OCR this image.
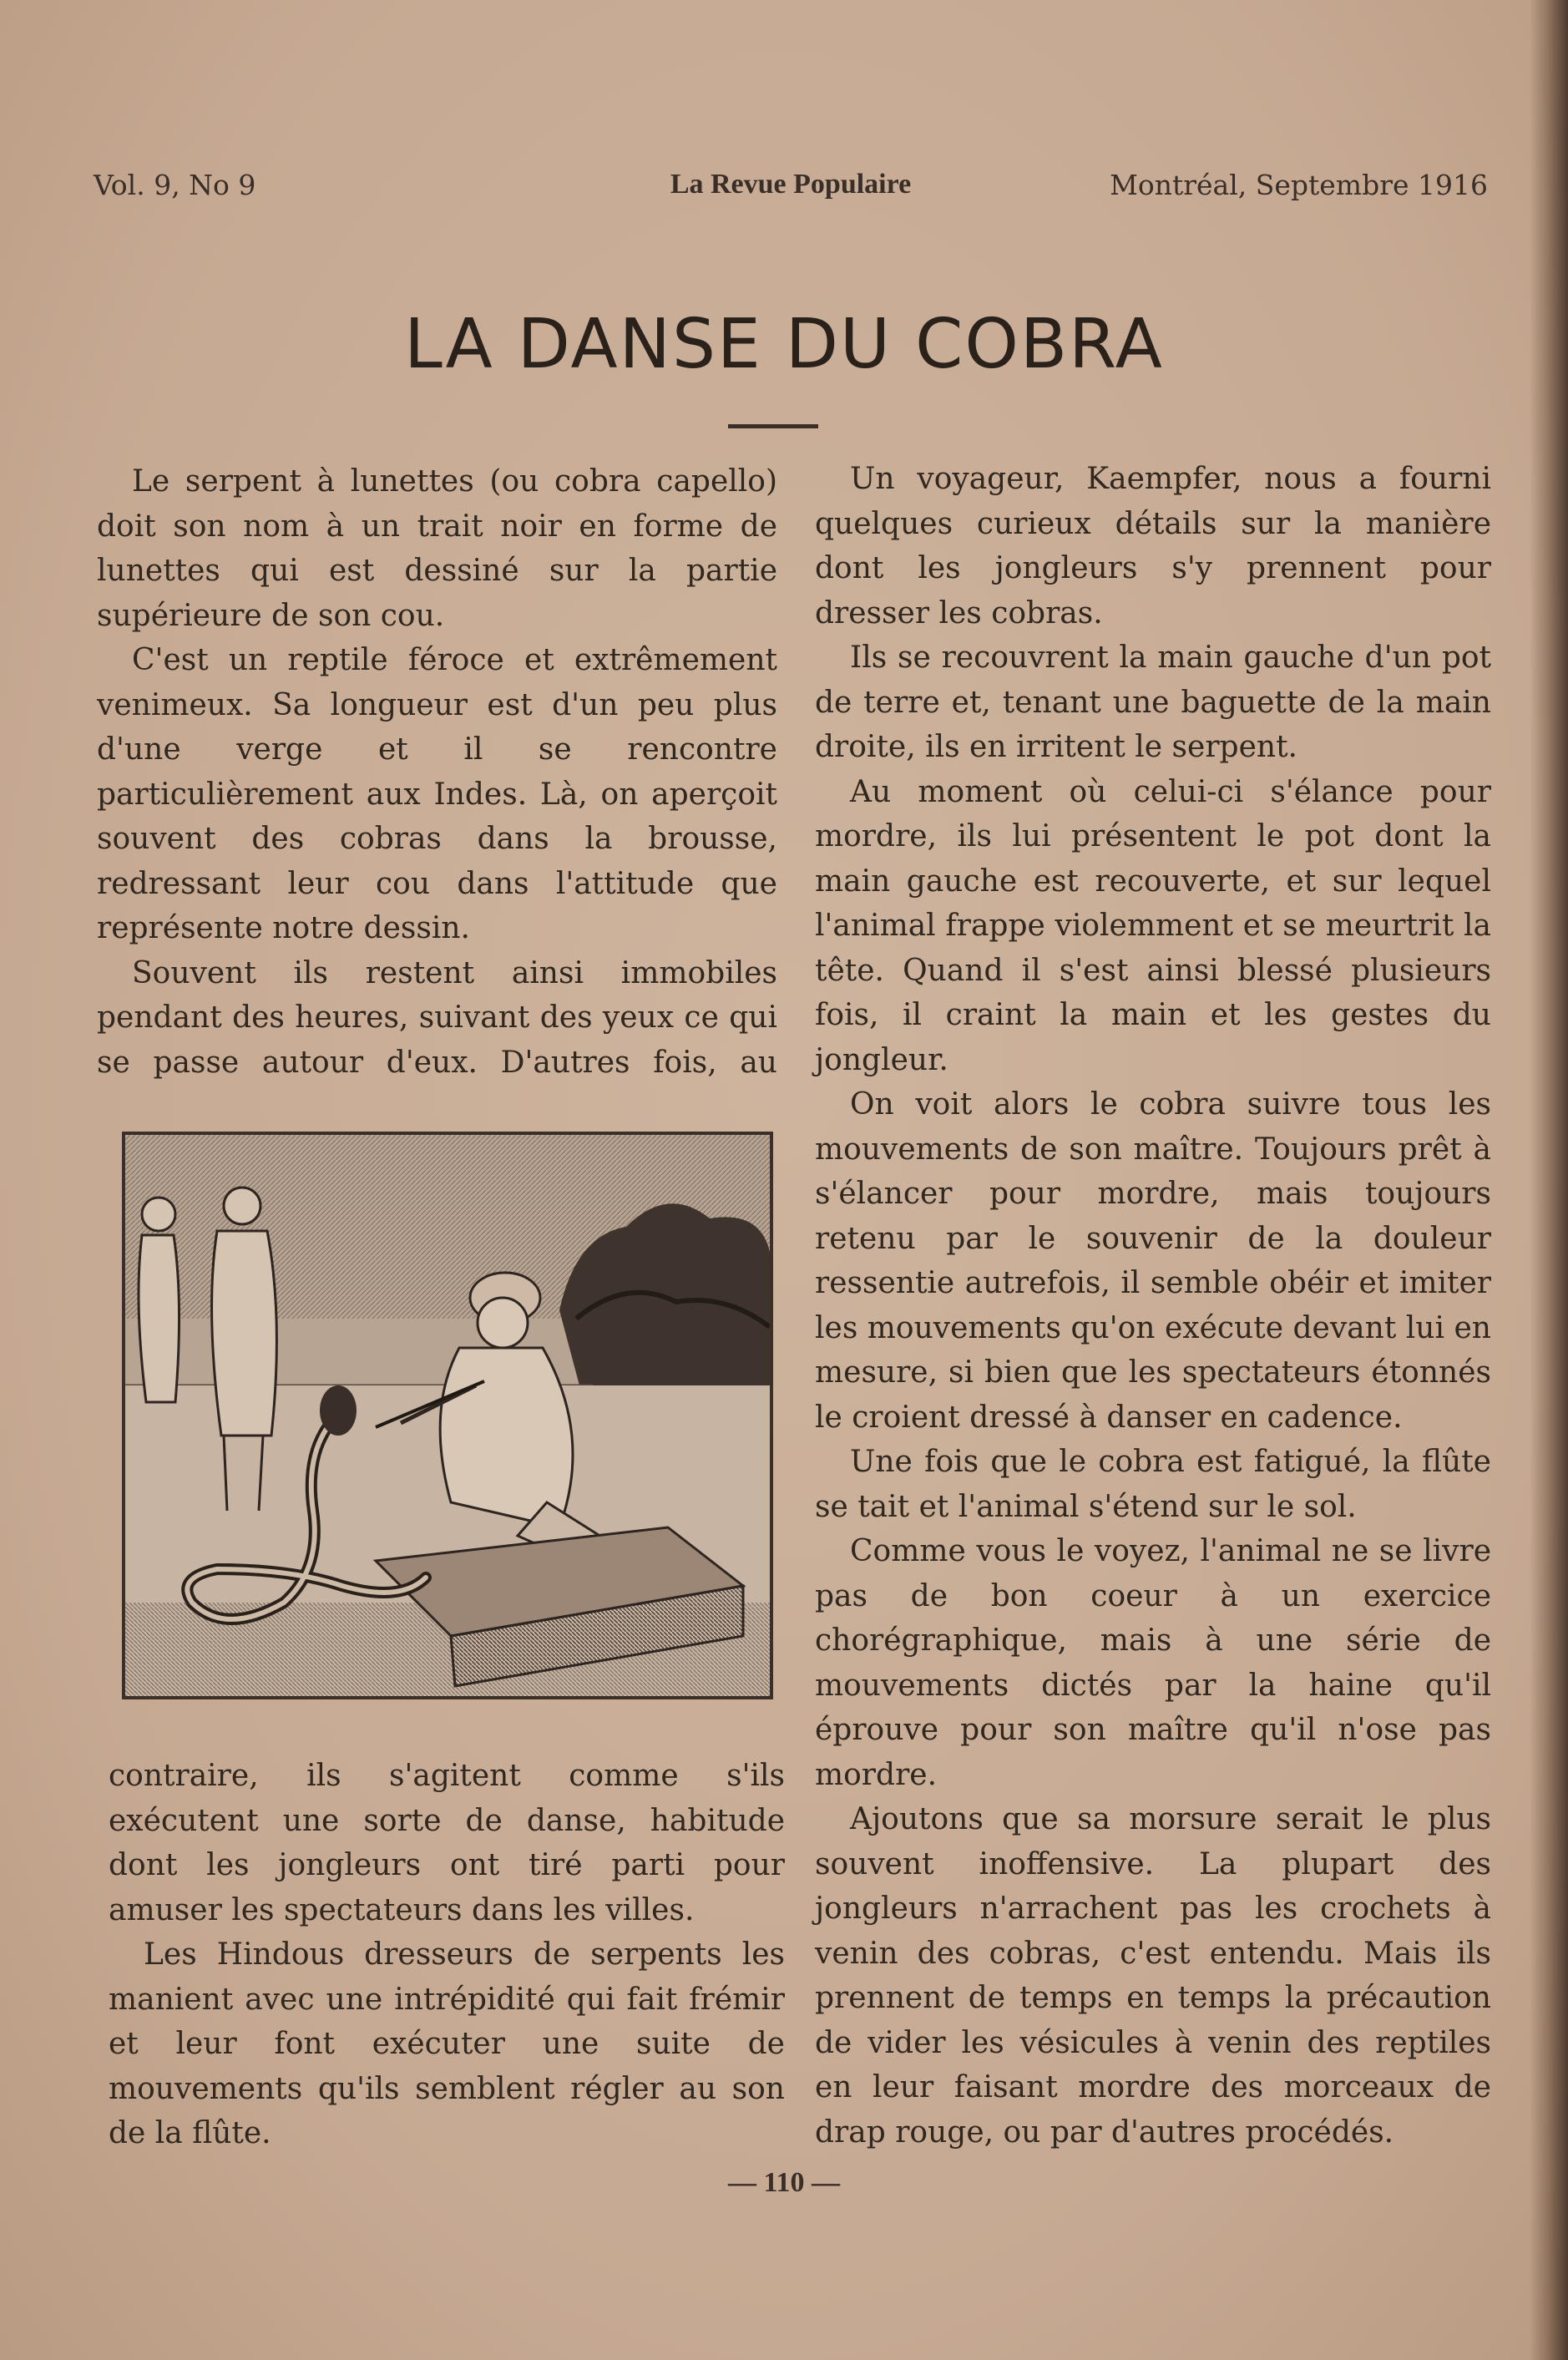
Vol. 9, No 9	La Revue Populaire	Montréal, Septembre 1916
LA DANSE DU COBRA

Le serpent à lunettes (ou cobra capello) doit son nom à un trait noir en forme de lunettes qui est dessiné sur la partie supérieure de son cou.

C'est un reptile féroce et extrêmement venimeux. Sa longueur est d'un peu plus d'une verge et il se rencontre particulièrement aux Indes. Là, on aperçoit souvent des cobras dans la brousse, redressant leur cou dans l'attitude que représente notre dessin.

Souvent ils restent ainsi immobiles pendant des heures, suivant des yeux ce qui se passe autour d'eux. D'autres fois, au

contraire, ils s'agitent comme s'ils exécutent une sorte de danse, habitude dont les jongleurs ont tiré parti pour amuser les spectateurs dans les villes.

Les Hindous dresseurs de serpents les manient avec une intrépidité qui fait frémir et leur font exécuter une suite de mouvements qu'ils semblent régler au son de la flûte.

Un voyageur, Kaempfer, nous a fourni quelques curieux détails sur la manière dont les jongleurs s'y prennent pour dresser les cobras.

Ils se recouvrent la main gauche d'un pot de terre et, tenant une baguette de la main droite, ils en irritent le serpent.

Au moment où celui-ci s'élance pour mordre, ils lui présentent le pot dont la main gauche est recouverte, et sur lequel l'animal frappe violemment et se meurtrit la tête. Quand il s'est ainsi blessé plusieurs fois, il craint la main et les gestes du jongleur.

On voit alors le cobra suivre tous les mouvements de son maître. Toujours prêt à s'élancer pour mordre, mais toujours retenu par le souvenir de la douleur ressentie autrefois, il semble obéir et imiter les mouvements qu'on exécute devant lui en mesure, si bien que les spectateurs étonnés le croient dressé à danser en cadence.

Une fois que le cobra est fatigué, la flûte se tait et l'animal s'étend sur le sol.

Comme vous le voyez, l'animal ne se livre pas de bon coeur à un exercice chorégraphique, mais à une série de mouvements dictés par la haine qu'il éprouve pour son maître qu'il n'ose pas mordre.

Ajoutons que sa morsure serait le plus souvent inoffensive. La plupart des jongleurs n'arrachent pas les crochets à venin des cobras, c'est entendu. Mais ils prennent de temps en temps la précaution de vider les vésicules à venin des reptiles en leur faisant mordre des morceaux de drap rouge, ou par d'autres procédés.

— 110 —
